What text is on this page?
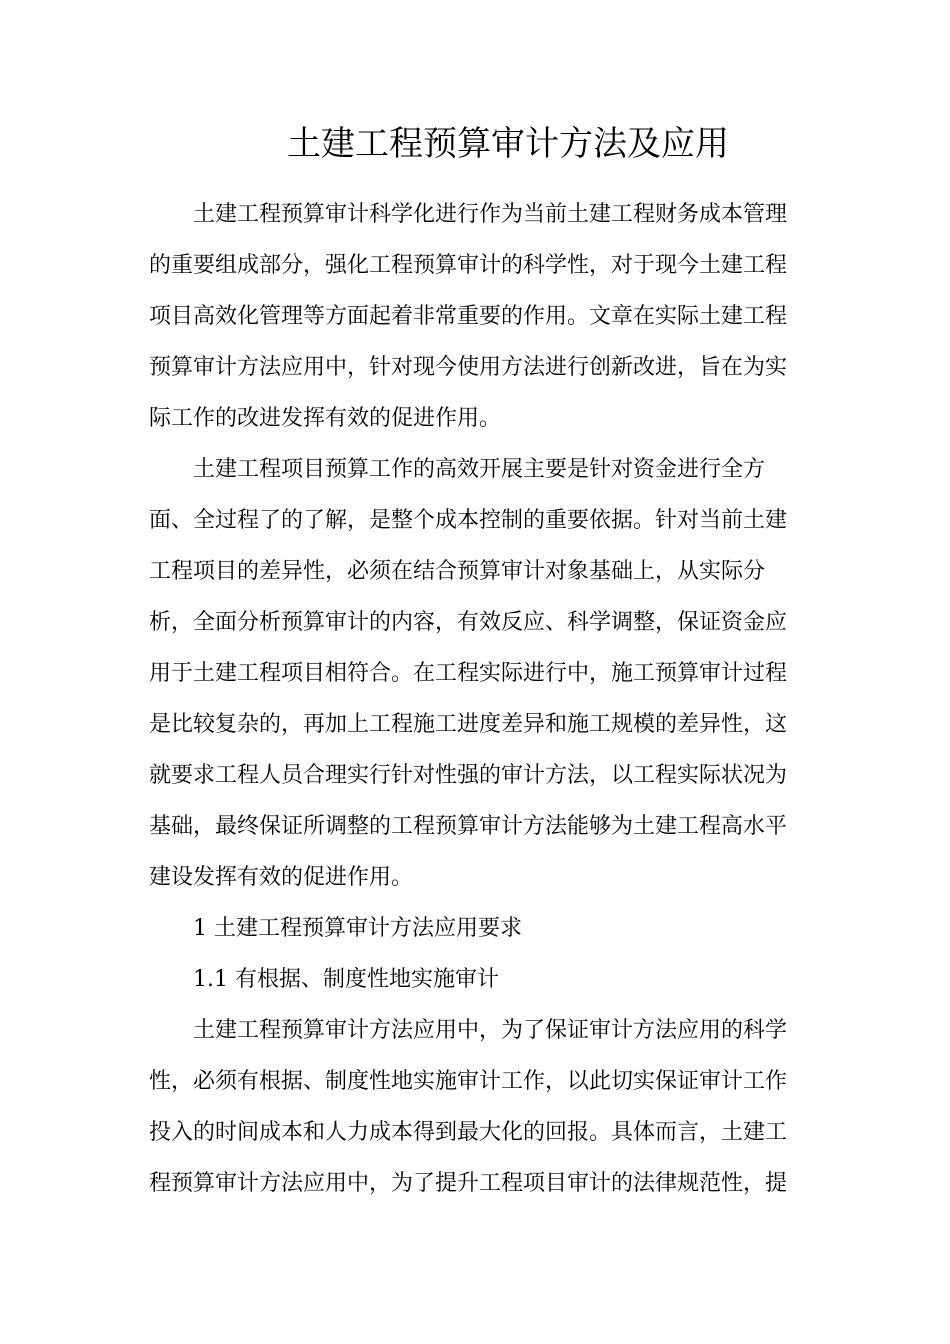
土建工程预算审计方法及应用
土建工程预算审计科学化进行作为当前土建工程财务成本管理
的重要组成部分，强化工程预算审计的科学性，对于现今土建工程
项目高效化管理等方面起着非常重要的作用。文章在实际土建工程
预算审计方法应用中，针对现今使用方法进行创新改进，旨在为实
际工作的改进发挥有效的促进作用。
土建工程项目预算工作的高效开展主要是针对资金进行全方
面、全过程了的了解，是整个成本控制的重要依据。针对当前土建
工程项目的差异性，必须在结合预算审计对象基础上，从实际分
析，全面分析预算审计的内容，有效反应、科学调整，保证资金应
用于土建工程项目相符合。在工程实际进行中，施工预算审计过程
是比较复杂的，再加上工程施工进度差异和施工规模的差异性，这
就要求工程人员合理实行针对性强的审计方法，以工程实际状况为
基础，最终保证所调整的工程预算审计方法能够为土建工程高水平
建设发挥有效的促进作用。
1 土建工程预算审计方法应用要求
1.1 有根据、制度性地实施审计
土建工程预算审计方法应用中，为了保证审计方法应用的科学
性，必须有根据、制度性地实施审计工作，以此切实保证审计工作
投入的时间成本和人力成本得到最大化的回报。具体而言，土建工
程预算审计方法应用中，为了提升工程项目审计的法律规范性，提
